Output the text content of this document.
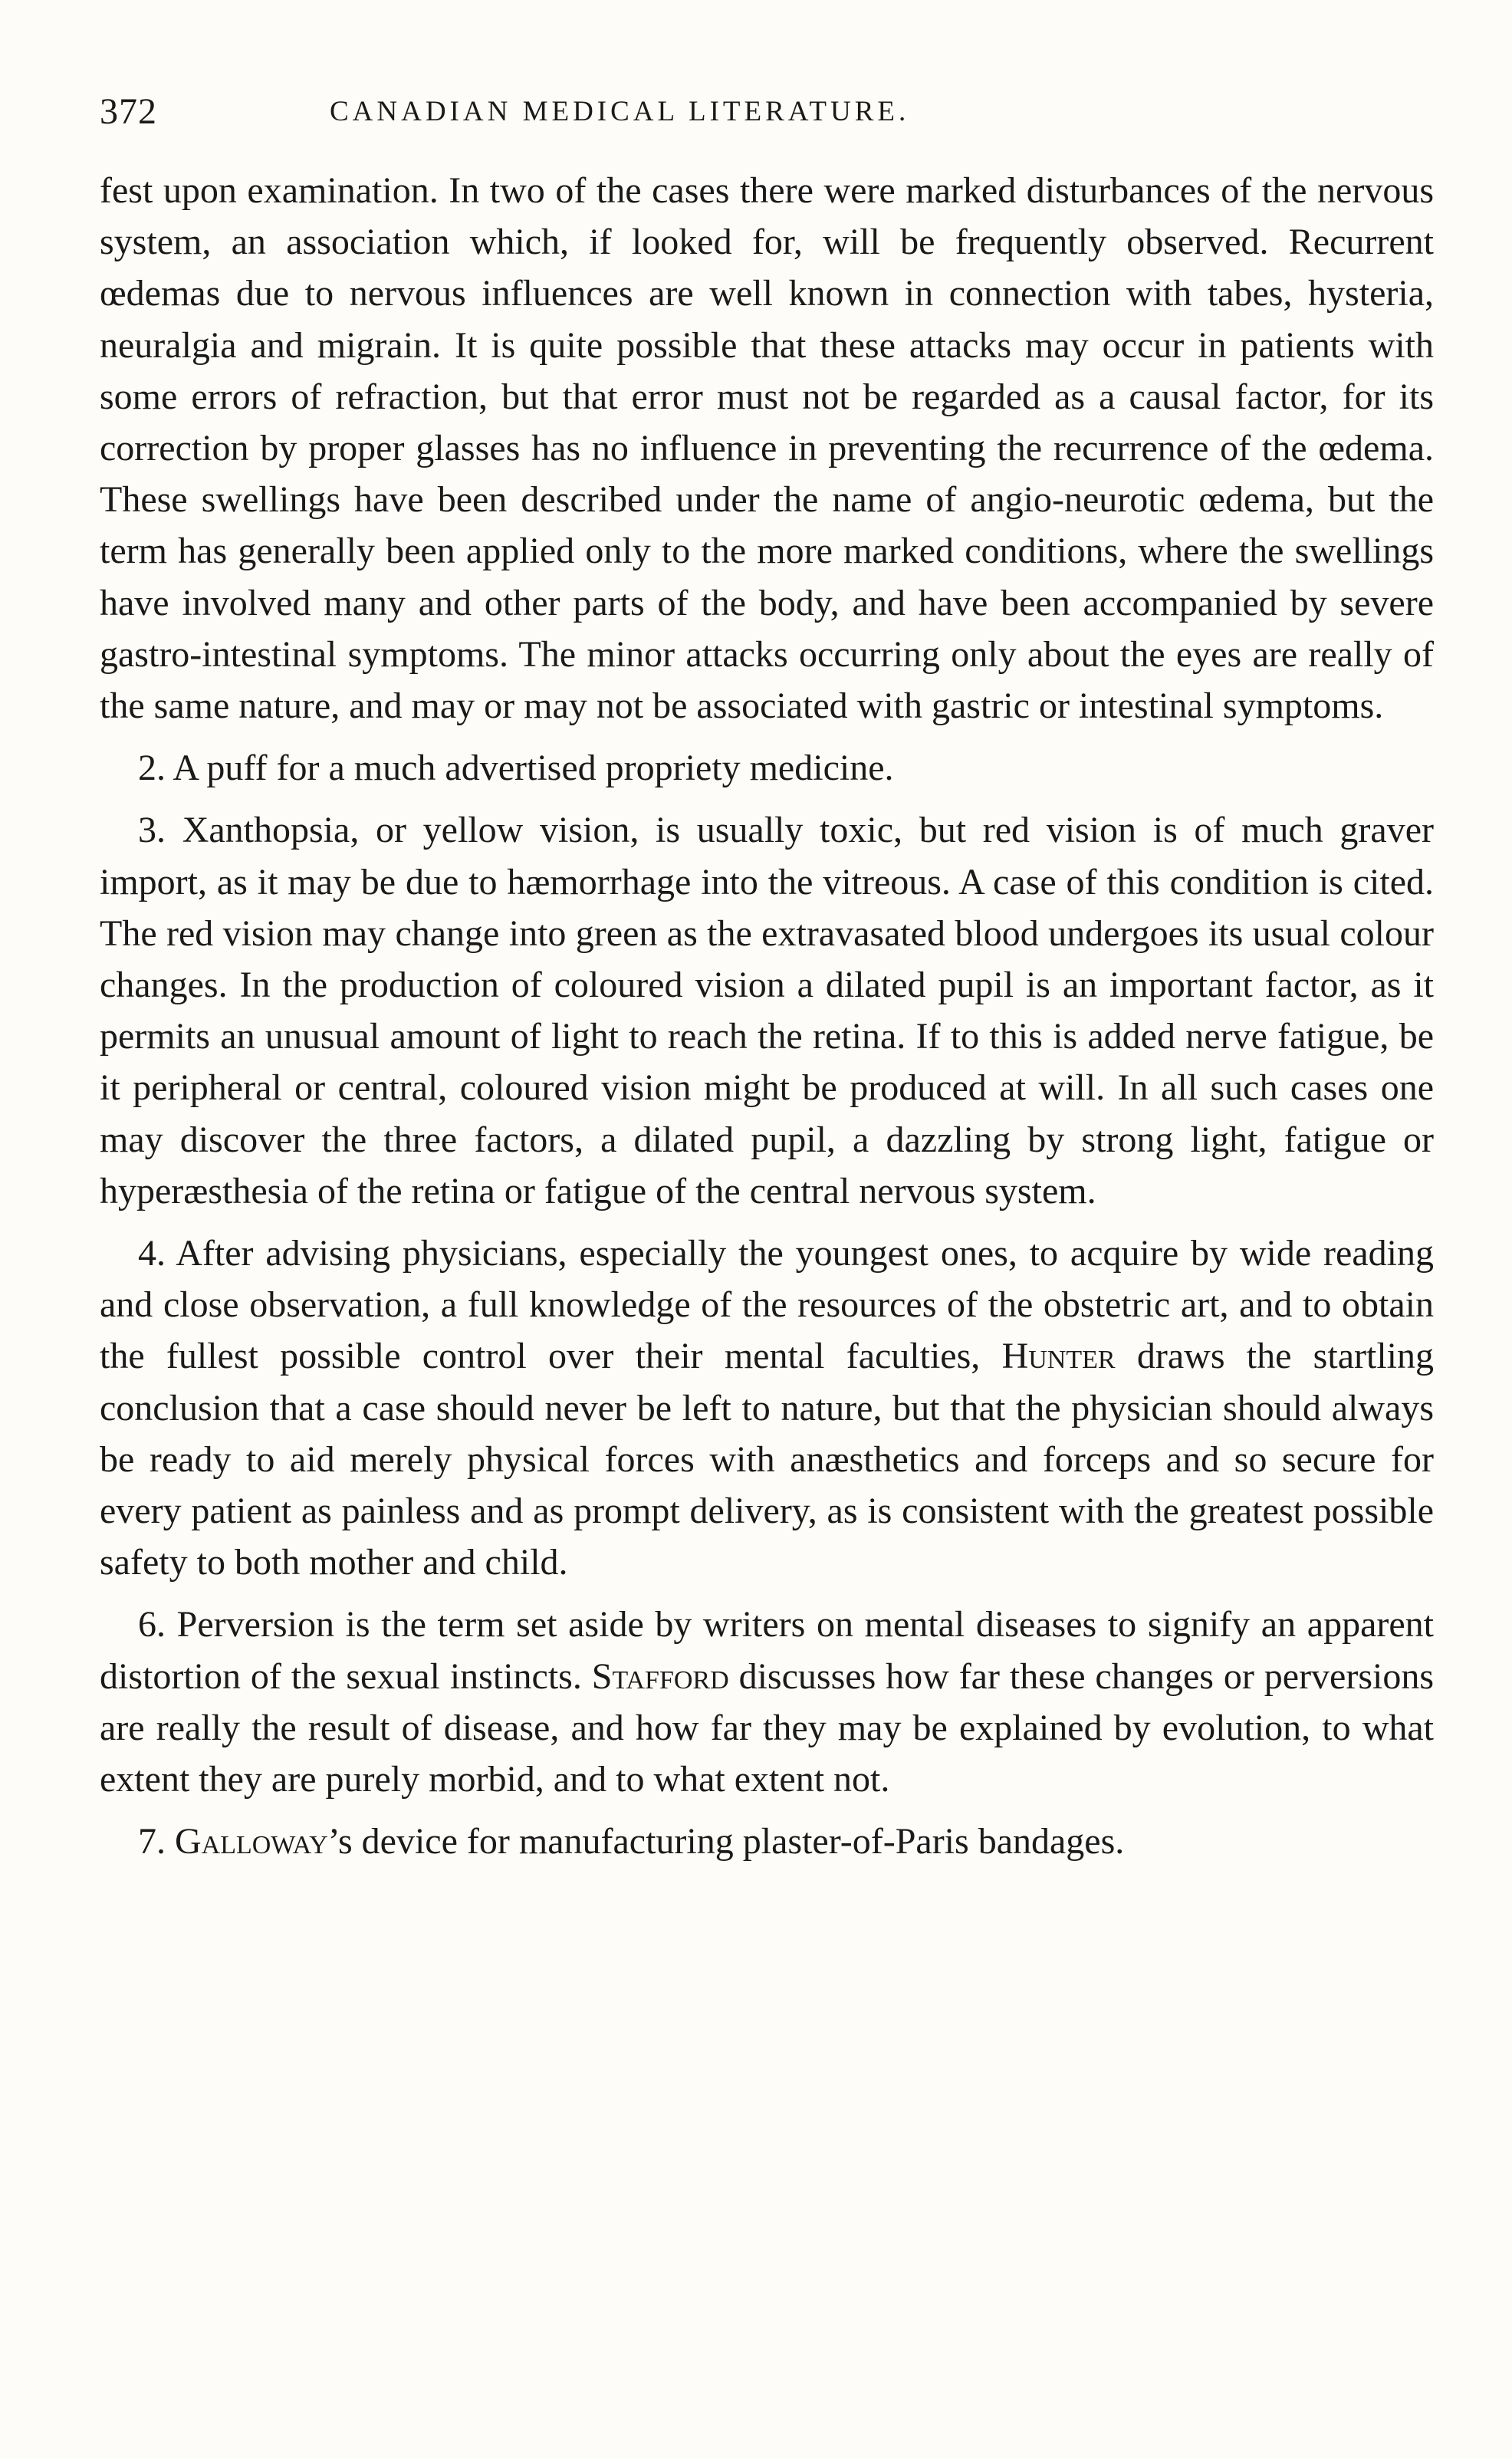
372	CANADIAN MEDICAL LITERATURE.

fest upon examination. In two of the cases there were marked disturbances of the nervous system, an association which, if looked for, will be frequently observed. Recurrent œdemas due to nervous influences are well known in connection with tabes, hysteria, neuralgia and migrain. It is quite possible that these attacks may occur in patients with some errors of refraction, but that error must not be regarded as a causal factor, for its correction by proper glasses has no influence in preventing the recurrence of the œdema. These swellings have been described under the name of angio-neurotic œdema, but the term has generally been applied only to the more marked conditions, where the swellings have involved many and other parts of the body, and have been accompanied by severe gastro-intestinal symptoms. The minor attacks occurring only about the eyes are really of the same nature, and may or may not be associated with gastric or intestinal symptoms.

2. A puff for a much advertised propriety medicine.

3. Xanthopsia, or yellow vision, is usually toxic, but red vision is of much graver import, as it may be due to hæmorrhage into the vitreous. A case of this condition is cited. The red vision may change into green as the extravasated blood undergoes its usual colour changes. In the production of coloured vision a dilated pupil is an important factor, as it permits an unusual amount of light to reach the retina. If to this is added nerve fatigue, be it peripheral or central, coloured vision might be produced at will. In all such cases one may discover the three factors, a dilated pupil, a dazzling by strong light, fatigue or hyperæsthesia of the retina or fatigue of the central nervous system.

4. After advising physicians, especially the youngest ones, to acquire by wide reading and close observation, a full knowledge of the resources of the obstetric art, and to obtain the fullest possible control over their mental faculties, Hunter draws the startling conclusion that a case should never be left to nature, but that the physician should always be ready to aid merely physical forces with anæsthetics and forceps and so secure for every patient as painless and as prompt delivery, as is consistent with the greatest possible safety to both mother and child.

6. Perversion is the term set aside by writers on mental diseases to signify an apparent distortion of the sexual instincts. Stafford discusses how far these changes or perversions are really the result of disease, and how far they may be explained by evolution, to what extent they are purely morbid, and to what extent not.

7. Galloway’s device for manufacturing plaster-of-Paris bandages.
